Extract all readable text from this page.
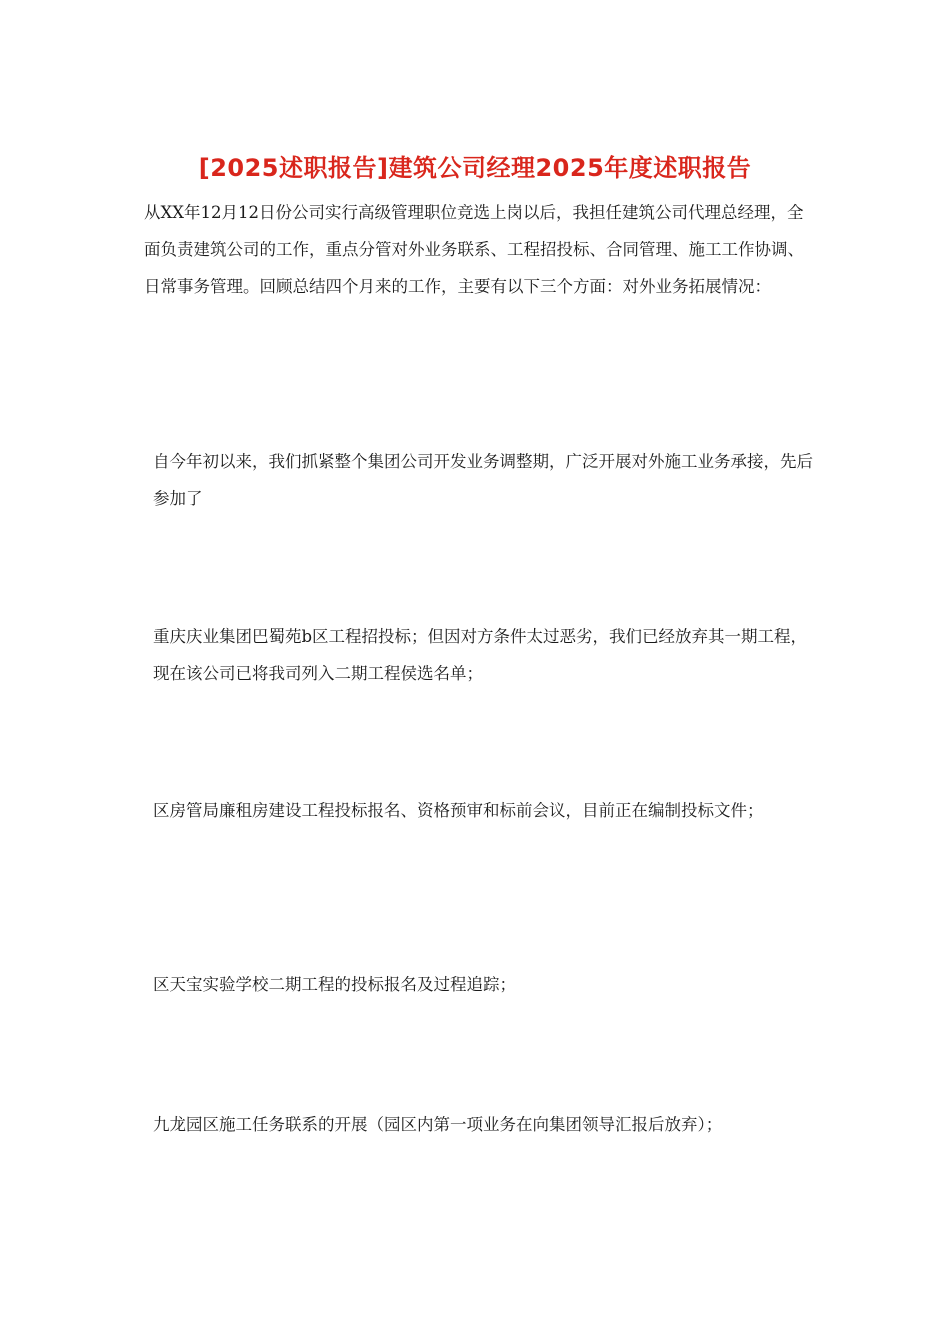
[2025述职报告]建筑公司经理2025年度述职报告

从XX年12月12日份公司实行高级管理职位竞选上岗以后，我担任建筑公司代理总经理，全面负责建筑公司的工作，重点分管对外业务联系、工程招投标、合同管理、施工工作协调、日常事务管理。回顾总结四个月来的工作，主要有以下三个方面：对外业务拓展情况：

自今年初以来，我们抓紧整个集团公司开发业务调整期，广泛开展对外施工业务承接，先后参加了

重庆庆业集团巴蜀苑b区工程招投标；但因对方条件太过恶劣，我们已经放弃其一期工程，现在该公司已将我司列入二期工程侯选名单；

区房管局廉租房建设工程投标报名、资格预审和标前会议，目前正在编制投标文件；

区天宝实验学校二期工程的投标报名及过程追踪；

九龙园区施工任务联系的开展（园区内第一项业务在向集团领导汇报后放弃）；
